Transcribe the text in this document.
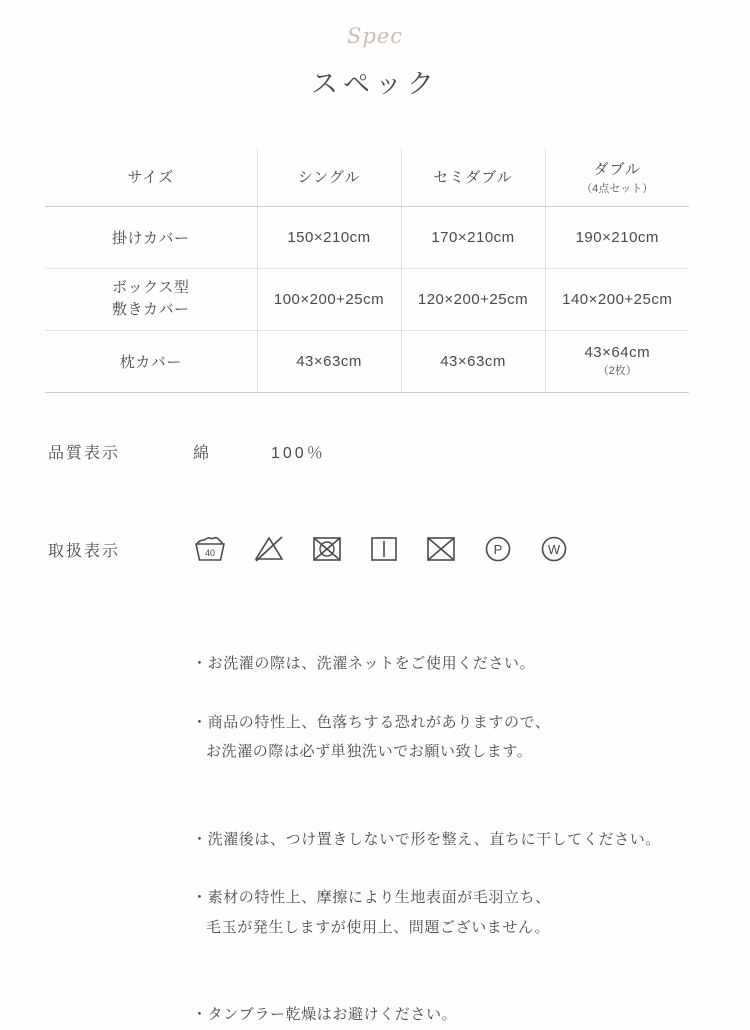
Spec
スペック
サイズ	シングル	セミダブル	ダブル
（4点セット）

掛けカバー	150×210cm	170×210cm	190×210cm
ボックス型
敷きカバー	100×200+25cm	120×200+25cm	140×200+25cm
枕カバー	43×63cm	43×63cm	43×64cm
（2枚）
品質表示	綿	100％
取扱表示	40	P	W

・お洗濯の際は、洗濯ネットをご使用ください。

・商品の特性上、色落ちする恐れがありますので、

お洗濯の際は必ず単独洗いでお願い致します。

・洗濯後は、つけ置きしないで形を整え、直ちに干してください。

・素材の特性上、摩擦により生地表面が毛羽立ち、

毛玉が発生しますが使用上、問題ございません。

・タンブラー乾燥はお避けください。
